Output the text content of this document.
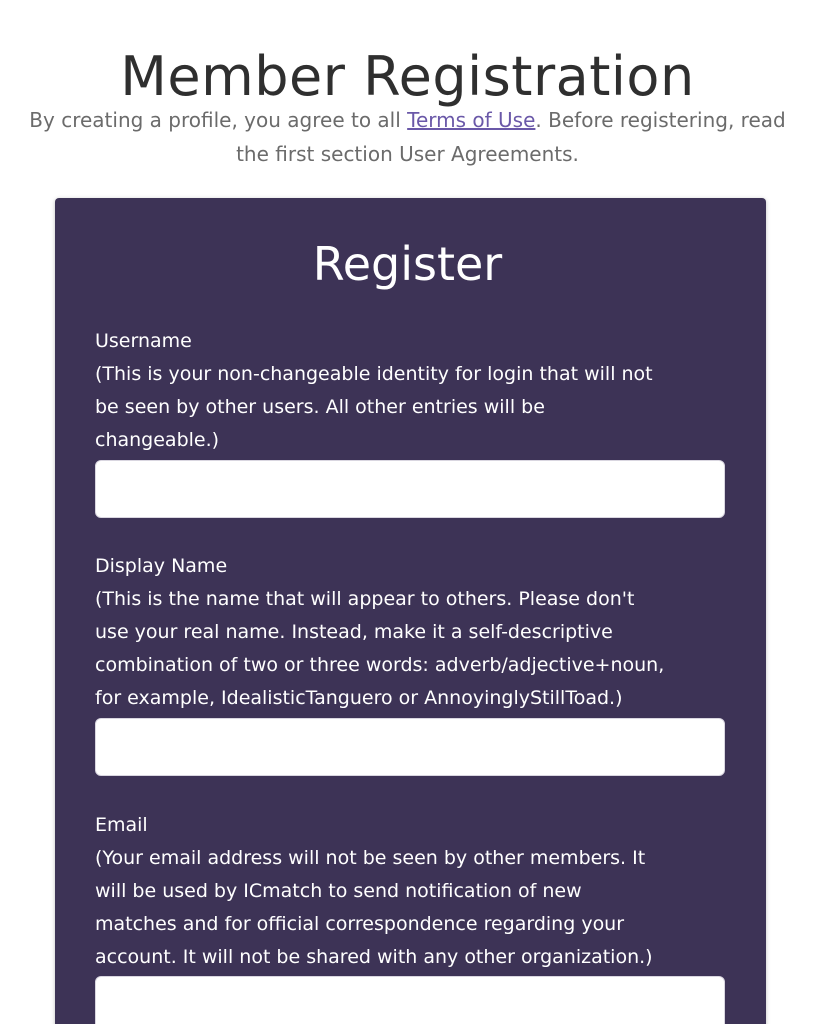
Member Registration
By creating a profile, you agree to all Terms of Use. Before registering, read
the first section User Agreements.
Register
Username
(This is your non-changeable identity for login that will not
be seen by other users. All other entries will be
changeable.)
Display Name
(This is the name that will appear to others. Please don't
use your real name. Instead, make it a self-descriptive
combination of two or three words: adverb/adjective+noun,
for example, IdealisticTanguero or AnnoyinglyStillToad.)
Email
(Your email address will not be seen by other members. It
will be used by ICmatch to send notification of new
matches and for official correspondence regarding your
account. It will not be shared with any other organization.)
